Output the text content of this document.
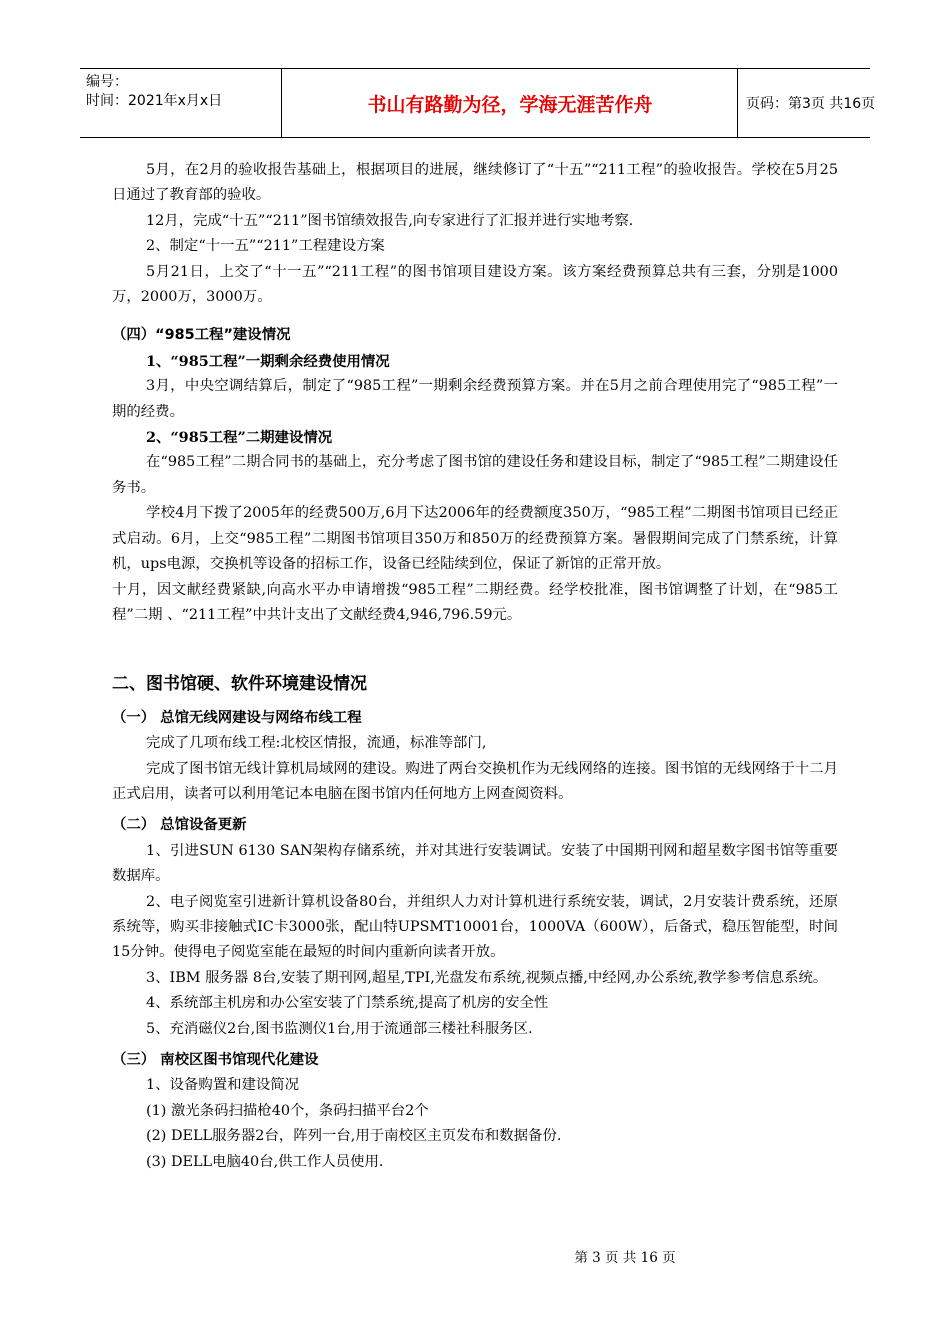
编号：
时间：2021年x月x日	书山有路勤为径，学海无涯苦作舟	页码：第3页 共16页

5月，在2月的验收报告基础上，根据项目的进展，继续修订了“十五”“211工程”的验收报告。学校在5月25日通过了教育部的验收。

12月，完成“十五”“211”图书馆绩效报告,向专家进行了汇报并进行实地考察.

2、制定“十一五”“211”工程建设方案

5月21日，上交了“十一五”“211工程”的图书馆项目建设方案。该方案经费预算总共有三套，分别是1000万，2000万，3000万。

（四）“985工程”建设情况

1、“985工程”一期剩余经费使用情况

3月，中央空调结算后，制定了“985工程”一期剩余经费预算方案。并在5月之前合理使用完了“985工程”一期的经费。

2、“985工程”二期建设情况

在“985工程”二期合同书的基础上，充分考虑了图书馆的建设任务和建设目标，制定了“985工程”二期建设任务书。

学校4月下拨了2005年的经费500万,6月下达2006年的经费额度350万，“985工程”二期图书馆项目已经正式启动。6月，上交“985工程”二期图书馆项目350万和850万的经费预算方案。暑假期间完成了门禁系统，计算机，ups电源，交换机等设备的招标工作，设备已经陆续到位，保证了新馆的正常开放。

十月，因文献经费紧缺,向高水平办申请增拨“985工程”二期经费。经学校批准，图书馆调整了计划，在“985工程”二期 、“211工程”中共计支出了文献经费4,946,796.59元。

二、图书馆硬、软件环境建设情况

（一） 总馆无线网建设与网络布线工程

完成了几项布线工程:北校区情报，流通，标准等部门,

完成了图书馆无线计算机局域网的建设。购进了两台交换机作为无线网络的连接。图书馆的无线网络于十二月正式启用，读者可以利用笔记本电脑在图书馆内任何地方上网查阅资料。

（二） 总馆设备更新

1、引进SUN 6130 SAN架构存储系统，并对其进行安装调试。安装了中国期刊网和超星数字图书馆等重要数据库。

2、电子阅览室引进新计算机设备80台，并组织人力对计算机进行系统安装，调试，2月安装计费系统，还原系统等，购买非接触式IC卡3000张，配山特UPSMT10001台，1000VA（600W），后备式，稳压智能型，时间15分钟。使得电子阅览室能在最短的时间内重新向读者开放。

3、IBM 服务器 8台,安装了期刊网,超星,TPI,光盘发布系统,视频点播,中经网,办公系统,教学参考信息系统。

4、系统部主机房和办公室安装了门禁系统,提高了机房的安全性

5、充消磁仪2台,图书监测仪1台,用于流通部三楼社科服务区.

（三） 南校区图书馆现代化建设

1、设备购置和建设简况

(1) 激光条码扫描枪40个，条码扫描平台2个

(2) DELL服务器2台，阵列一台,用于南校区主页发布和数据备份.

(3) DELL电脑40台,供工作人员使用.

第 3 页 共 16 页
